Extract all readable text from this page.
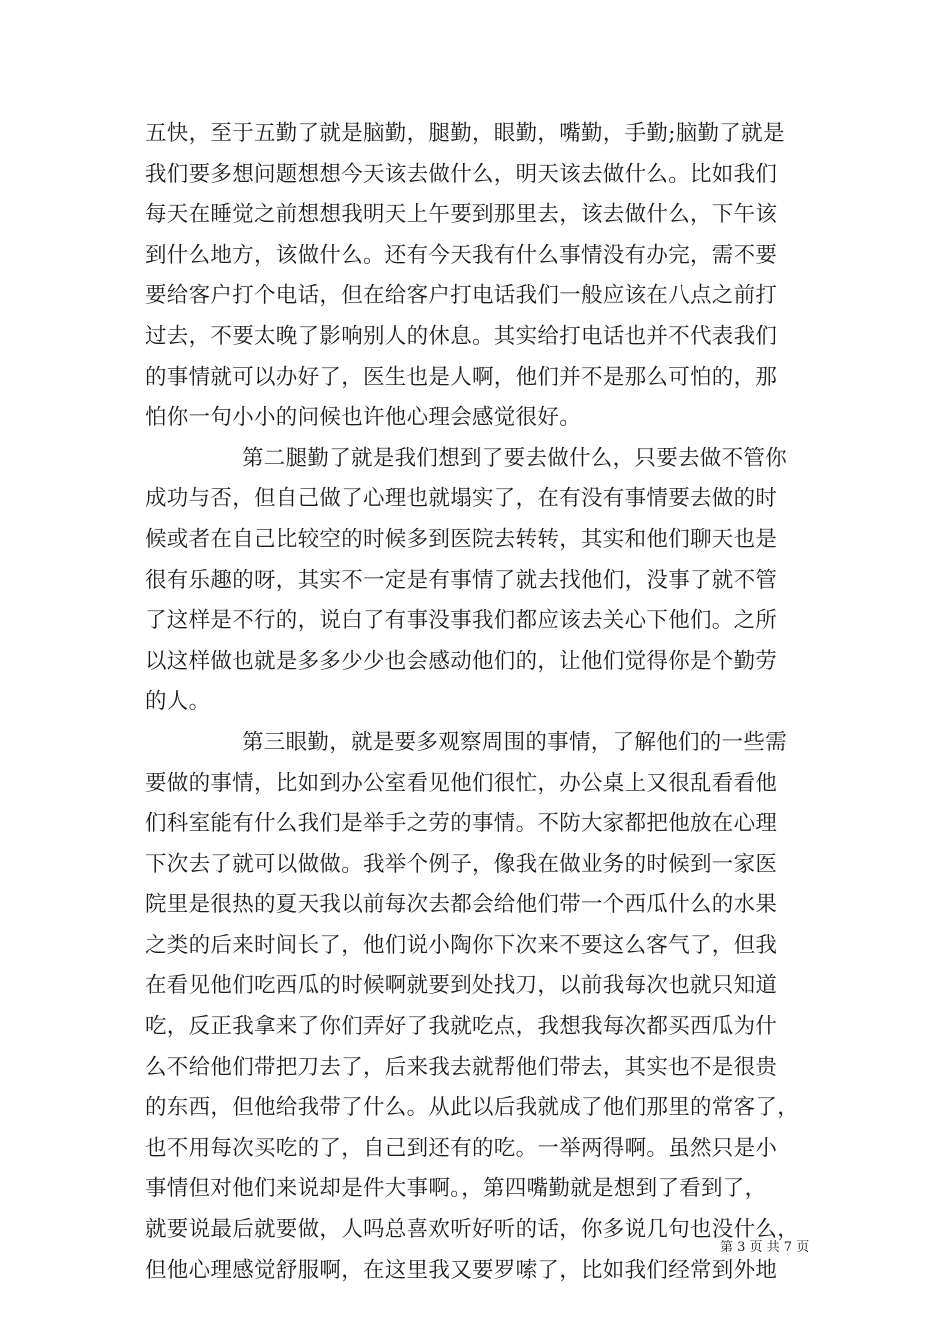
五快，至于五勤了就是脑勤，腿勤，眼勤，嘴勤，手勤;脑勤了就是
我们要多想问题想想今天该去做什么，明天该去做什么。比如我们
每天在睡觉之前想想我明天上午要到那里去，该去做什么，下午该
到什么地方，该做什么。还有今天我有什么事情没有办完，需不要
要给客户打个电话，但在给客户打电话我们一般应该在八点之前打
过去，不要太晚了影响别人的休息。其实给打电话也并不代表我们
的事情就可以办好了，医生也是人啊，他们并不是那么可怕的，那
怕你一句小小的问候也许他心理会感觉很好。
第二腿勤了就是我们想到了要去做什么，只要去做不管你
成功与否，但自己做了心理也就塌实了，在有没有事情要去做的时
候或者在自己比较空的时候多到医院去转转，其实和他们聊天也是
很有乐趣的呀，其实不一定是有事情了就去找他们，没事了就不管
了这样是不行的，说白了有事没事我们都应该去关心下他们。之所
以这样做也就是多多少少也会感动他们的，让他们觉得你是个勤劳
的人。
第三眼勤，就是要多观察周围的事情，了解他们的一些需
要做的事情，比如到办公室看见他们很忙，办公桌上又很乱看看他
们科室能有什么我们是举手之劳的事情。不防大家都把他放在心理
下次去了就可以做做。我举个例子，像我在做业务的时候到一家医
院里是很热的夏天我以前每次去都会给他们带一个西瓜什么的水果
之类的后来时间长了，他们说小陶你下次来不要这么客气了，但我
在看见他们吃西瓜的时候啊就要到处找刀，以前我每次也就只知道
吃，反正我拿来了你们弄好了我就吃点，我想我每次都买西瓜为什
么不给他们带把刀去了，后来我去就帮他们带去，其实也不是很贵
的东西，但他给我带了什么。从此以后我就成了他们那里的常客了，
也不用每次买吃的了，自己到还有的吃。一举两得啊。虽然只是小
事情但对他们来说却是件大事啊。，第四嘴勤就是想到了看到了，
就要说最后就要做，人吗总喜欢听好听的话，你多说几句也没什么，
但他心理感觉舒服啊，在这里我又要罗嗦了，比如我们经常到外地
第 3 页 共 7 页
